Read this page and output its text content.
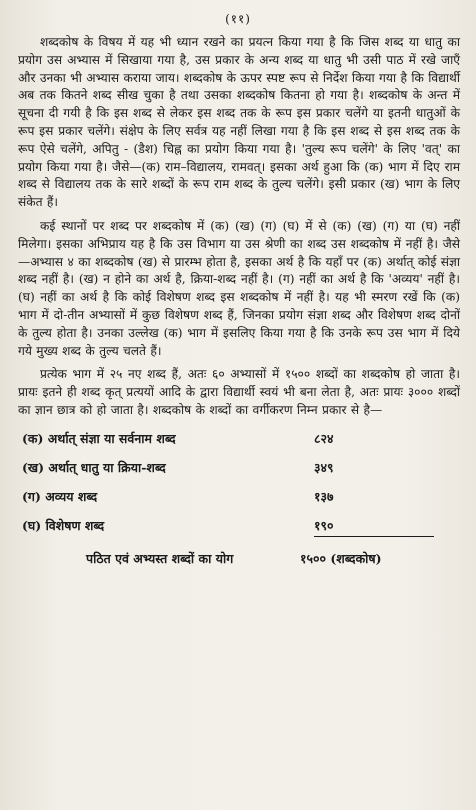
(११)

शब्दकोष के विषय में यह भी ध्यान रखने का प्रयत्न किया गया है कि जिस शब्द या धातु का प्रयोग उस अभ्यास में सिखाया गया है, उस प्रकार के अन्य शब्द या धातु भी उसी पाठ में रखे जाएँ और उनका भी अभ्यास कराया जाय। शब्दकोष के ऊपर स्पष्ट रूप से निर्देश किया गया है कि विद्यार्थी अब तक कितने शब्द सीख चुका है तथा उसका शब्दकोष कितना हो गया है। शब्दकोष के अन्त में सूचना दी गयी है कि इस शब्द से लेकर इस शब्द तक के रूप इस प्रकार चलेंगे या इतनी धातुओं के रूप इस प्रकार चलेंगे। संक्षेप के लिए सर्वत्र यह नहीं लिखा गया है कि इस शब्द से इस शब्द तक के रूप ऐसे चलेंगे, अपितु - (डैश) चिह्न का प्रयोग किया गया है। 'तुल्य रूप चलेंगे' के लिए 'वत्' का प्रयोग किया गया है। जैसे—(क) राम–विद्यालय, रामवत्। इसका अर्थ हुआ कि (क) भाग में दिए राम शब्द से विद्यालय तक के सारे शब्दों के रूप राम शब्द के तुल्य चलेंगे। इसी प्रकार (ख) भाग के लिए संकेत हैं।

कई स्थानों पर शब्द पर शब्दकोष में (क) (ख) (ग) (घ) में से (क) (ख) (ग) या (घ) नहीं मिलेगा। इसका अभिप्राय यह है कि उस विभाग या उस श्रेणी का शब्द उस शब्दकोष में नहीं है। जैसे—अभ्यास ४ का शब्दकोष (ख) से प्रारम्भ होता है, इसका अर्थ है कि यहाँ पर (क) अर्थात् कोई संज्ञा शब्द नहीं है। (ख) न होने का अर्थ है, क्रिया-शब्द नहीं है। (ग) नहीं का अर्थ है कि 'अव्यय' नहीं है। (घ) नहीं का अर्थ है कि कोई विशेषण शब्द इस शब्दकोष में नहीं है। यह भी स्मरण रखें कि (क) भाग में दो-तीन अभ्यासों में कुछ विशेषण शब्द हैं, जिनका प्रयोग संज्ञा शब्द और विशेषण शब्द दोनों के तुल्य होता है। उनका उल्लेख (क) भाग में इसलिए किया गया है कि उनके रूप उस भाग में दिये गये मुख्य शब्द के तुल्य चलते हैं।

प्रत्येक भाग में २५ नए शब्द हैं, अतः ६० अभ्यासों में १५०० शब्दों का शब्दकोष हो जाता है। प्रायः इतने ही शब्द कृत् प्रत्ययों आदि के द्वारा विद्यार्थी स्वयं भी बना लेता है, अतः प्रायः ३००० शब्दों का ज्ञान छात्र को हो जाता है। शब्दकोष के शब्दों का वर्गीकरण निम्न प्रकार से है—

(क) अर्थात् संज्ञा या सर्वनाम शब्द	८२४
(ख) अर्थात् धातु या क्रिया-शब्द	३४९
(ग) अव्यय शब्द	१३७
(घ) विशेषण शब्द	१९०
पठित एवं अभ्यस्त शब्दों का योग	१५०० (शब्दकोष)
